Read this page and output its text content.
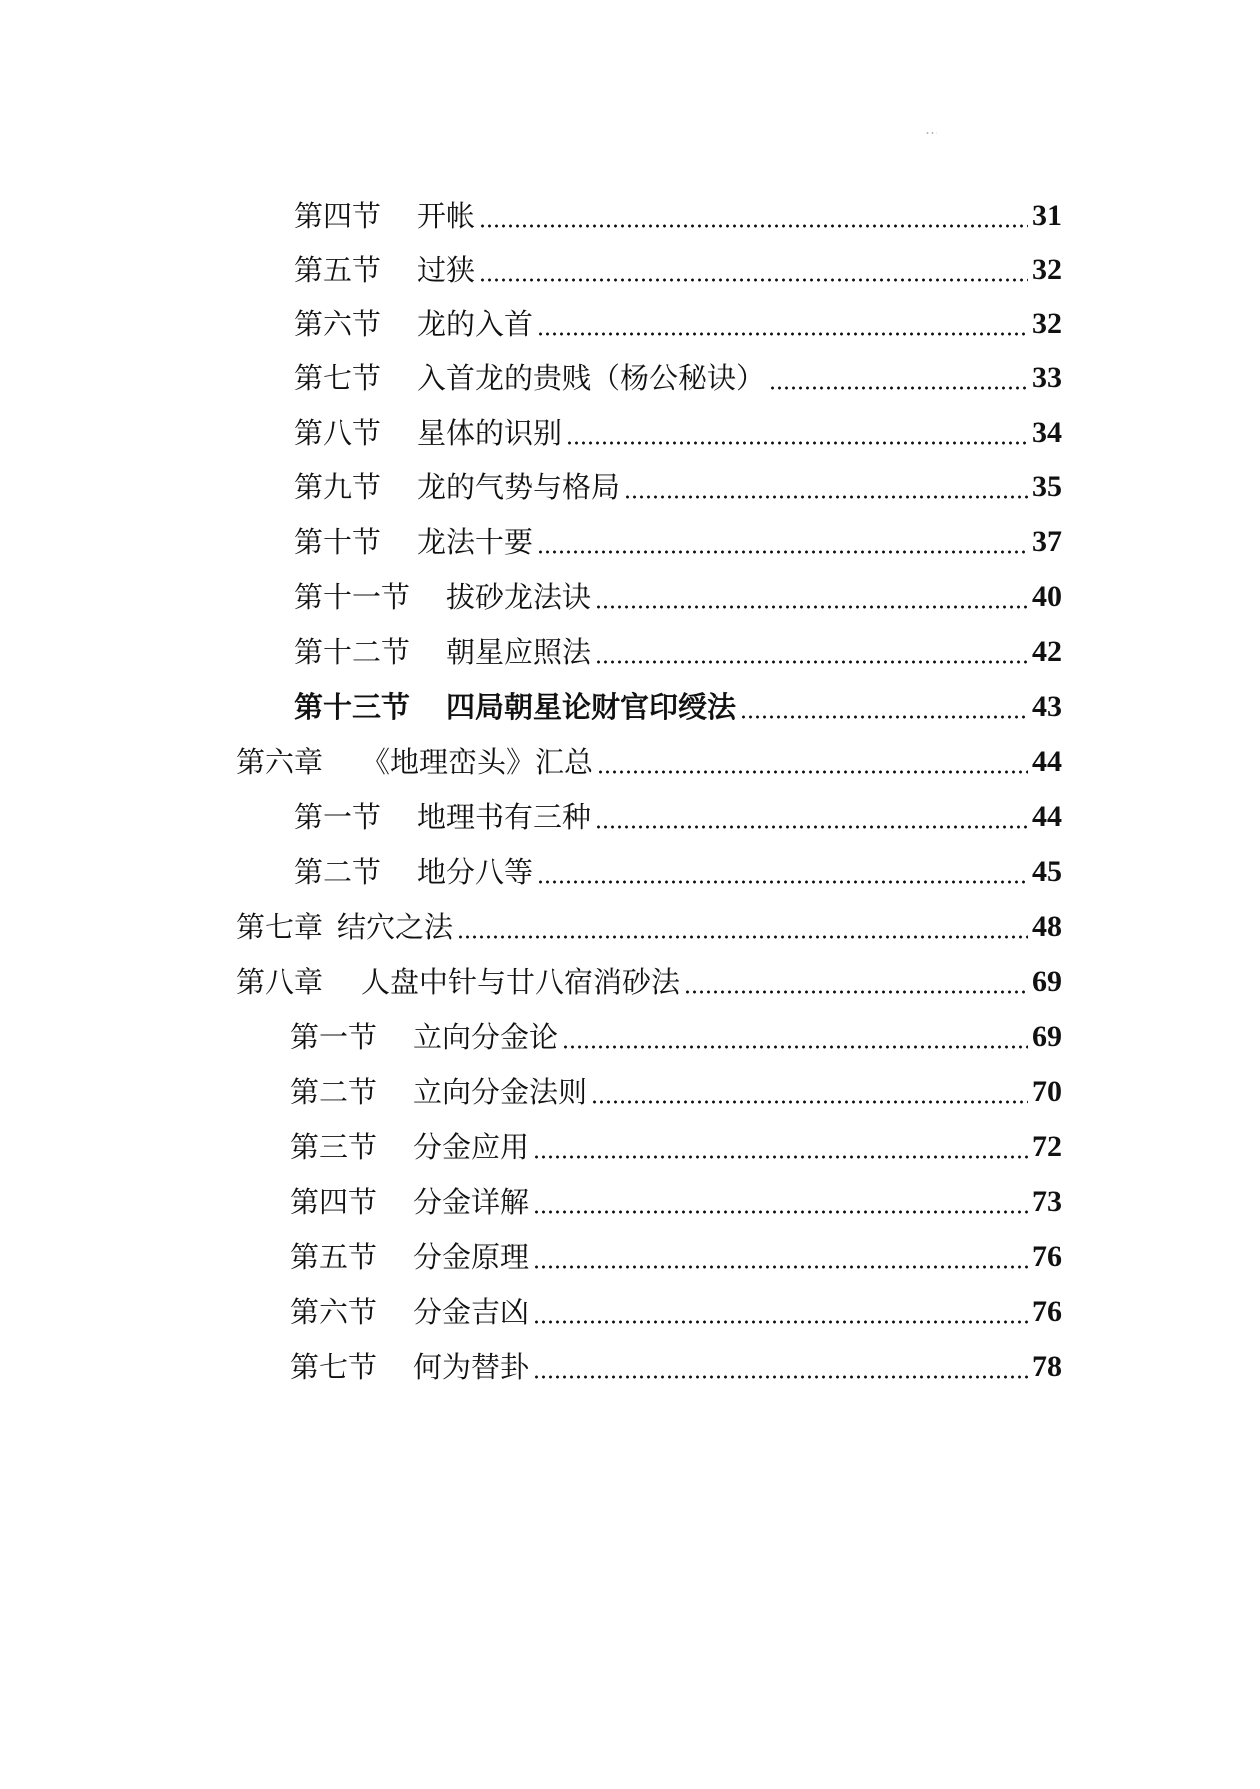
第四节 开帐	31
第五节 过狭	32
第六节 龙的入首	32
第七节 入首龙的贵贱（杨公秘诀）	33
第八节 星体的识别	34
第九节 龙的气势与格局	35
第十节 龙法十要	37
第十一节 拔砂龙法诀	40
第十二节 朝星应照法	42
第十三节 四局朝星论财官印绶法	43
第六章 《地理峦头》汇总	44
第一节 地理书有三种	44
第二节 地分八等	45
第七章 结穴之法	48
第八章 人盘中针与廿八宿消砂法	69
第一节 立向分金论	69
第二节 立向分金法则	70
第三节 分金应用	72
第四节 分金详解	73
第五节 分金原理	76
第六节 分金吉凶	76
第七节 何为替卦	78
